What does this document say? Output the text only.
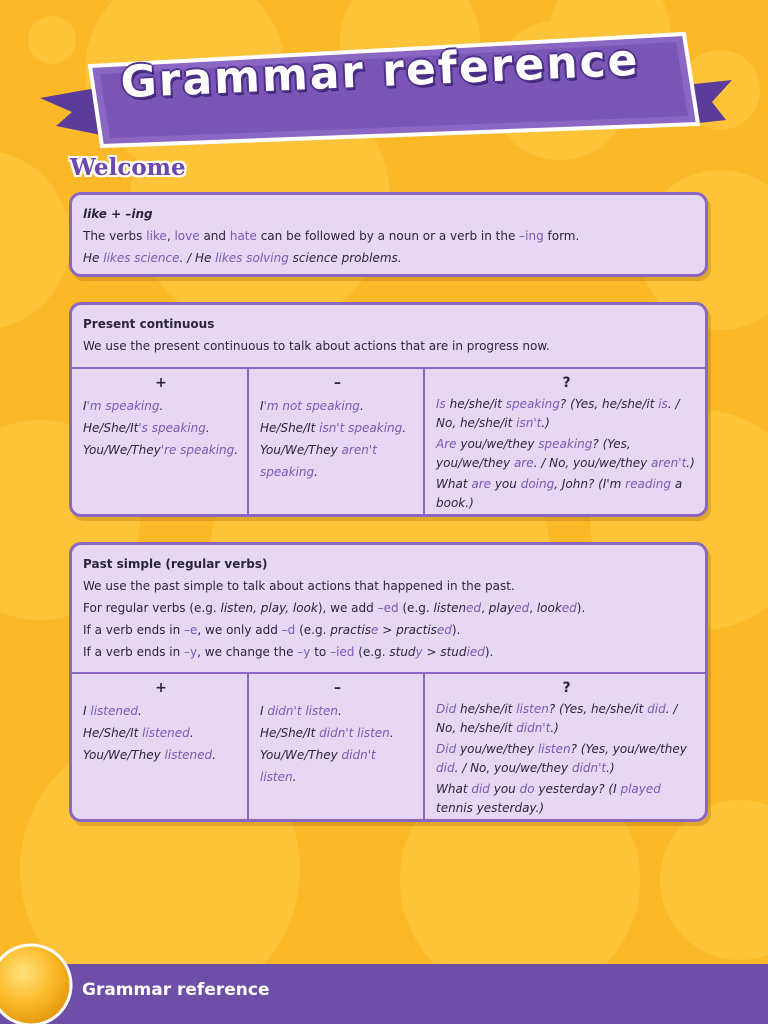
Grammar reference
Welcome
like + –ing

The verbs like, love and hate can be followed by a noun or a verb in the –ing form.

He likes science. / He likes solving science problems.

Present continuous

We use the present continuous to talk about actions that are in progress now.

+

I'm speaking.

He/She/It's speaking.

You/We/They're speaking.

–

I'm not speaking.

He/She/It isn't speaking.

You/We/They aren't speaking.

?

Is he/she/it speaking? (Yes, he/she/it is. / No, he/she/it isn't.)

Are you/we/they speaking? (Yes, you/we/they are. / No, you/we/they aren't.)

What are you doing, John? (I'm reading a book.)

Past simple (regular verbs)

We use the past simple to talk about actions that happened in the past.

For regular verbs (e.g. listen, play, look), we add –ed (e.g. listened, played, looked).

If a verb ends in –e, we only add –d (e.g. practise > practised).

If a verb ends in –y, we change the –y to –ied (e.g. study > studied).

+

I listened.

He/She/It listened.

You/We/They listened.

–

I didn't listen.

He/She/It didn't listen.

You/We/They didn't listen.

?

Did he/she/it listen? (Yes, he/she/it did. / No, he/she/it didn't.)

Did you/we/they listen? (Yes, you/we/they did. / No, you/we/they didn't.)

What did you do yesterday? (I played tennis yesterday.)

Grammar reference
